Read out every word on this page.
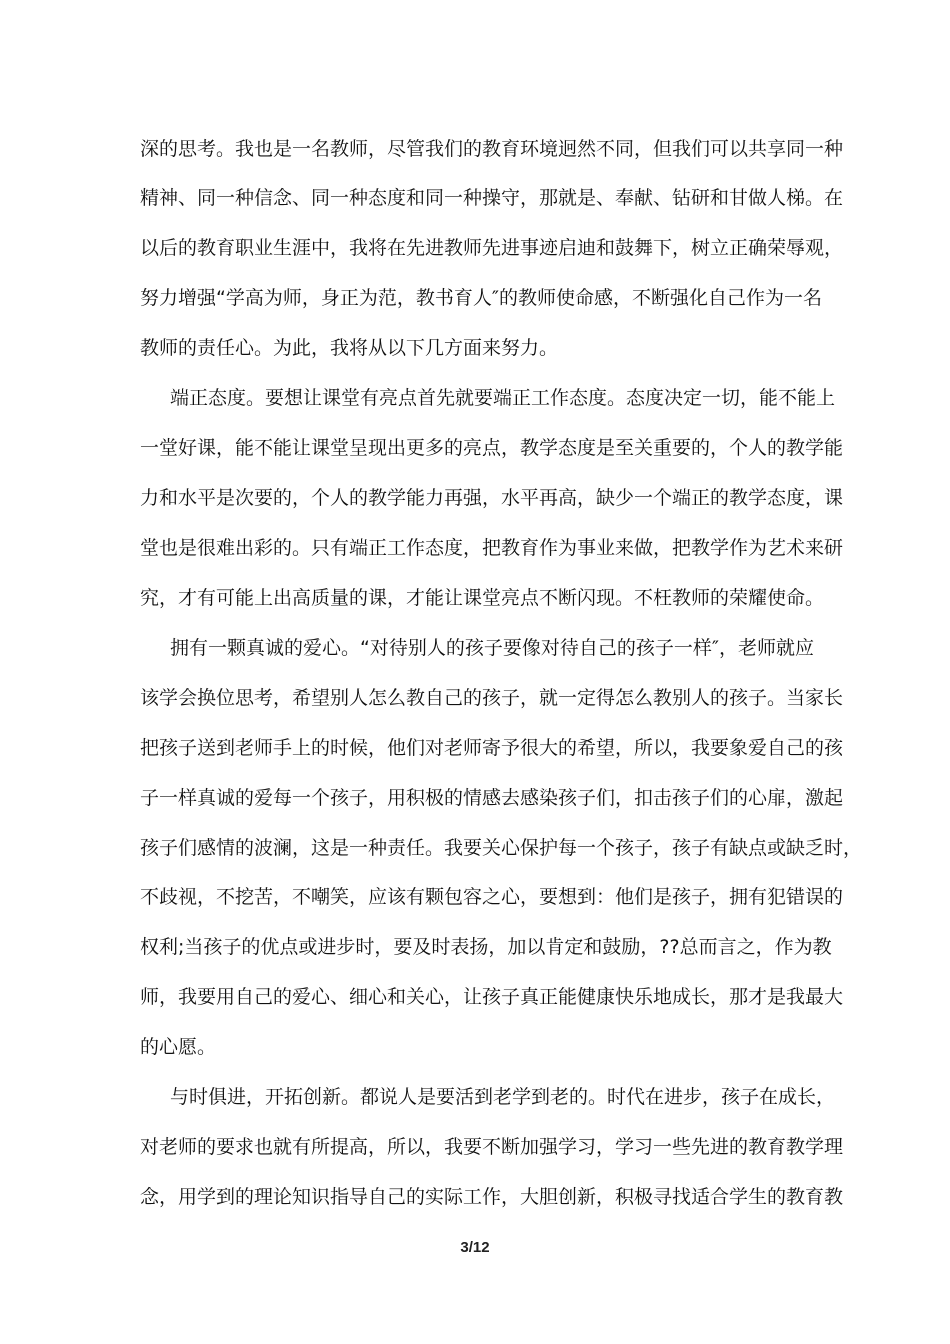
深的思考。我也是一名教师，尽管我们的教育环境迥然不同，但我们可以共享同一种
精神、同一种信念、同一种态度和同一种操守，那就是、奉献、钻研和甘做人梯。在
以后的教育职业生涯中，我将在先进教师先进事迹启迪和鼓舞下，树立正确荣辱观，
努力增强“学高为师，身正为范，教书育人″的教师使命感，不断强化自己作为一名
教师的责任心。为此，我将从以下几方面来努力。
端正态度。要想让课堂有亮点首先就要端正工作态度。态度决定一切，能不能上
一堂好课，能不能让课堂呈现出更多的亮点，教学态度是至关重要的，个人的教学能
力和水平是次要的，个人的教学能力再强，水平再高，缺少一个端正的教学态度，课
堂也是很难出彩的。只有端正工作态度，把教育作为事业来做，把教学作为艺术来研
究，才有可能上出高质量的课，才能让课堂亮点不断闪现。不枉教师的荣耀使命。
拥有一颗真诚的爱心。“对待别人的孩子要像对待自己的孩子一样″，老师就应
该学会换位思考，希望别人怎么教自己的孩子，就一定得怎么教别人的孩子。当家长
把孩子送到老师手上的时候，他们对老师寄予很大的希望，所以，我要象爱自己的孩
子一样真诚的爱每一个孩子，用积极的情感去感染孩子们，扣击孩子们的心扉，激起
孩子们感情的波澜，这是一种责任。我要关心保护每一个孩子，孩子有缺点或缺乏时，
不歧视，不挖苦，不嘲笑，应该有颗包容之心，要想到：他们是孩子，拥有犯错误的
权利;当孩子的优点或进步时，要及时表扬，加以肯定和鼓励，??总而言之，作为教
师，我要用自己的爱心、细心和关心，让孩子真正能健康快乐地成长，那才是我最大
的心愿。
与时俱进，开拓创新。都说人是要活到老学到老的。时代在进步，孩子在成长，
对老师的要求也就有所提高，所以，我要不断加强学习，学习一些先进的教育教学理
念，用学到的理论知识指导自己的实际工作，大胆创新，积极寻找适合学生的教育教
3/12
